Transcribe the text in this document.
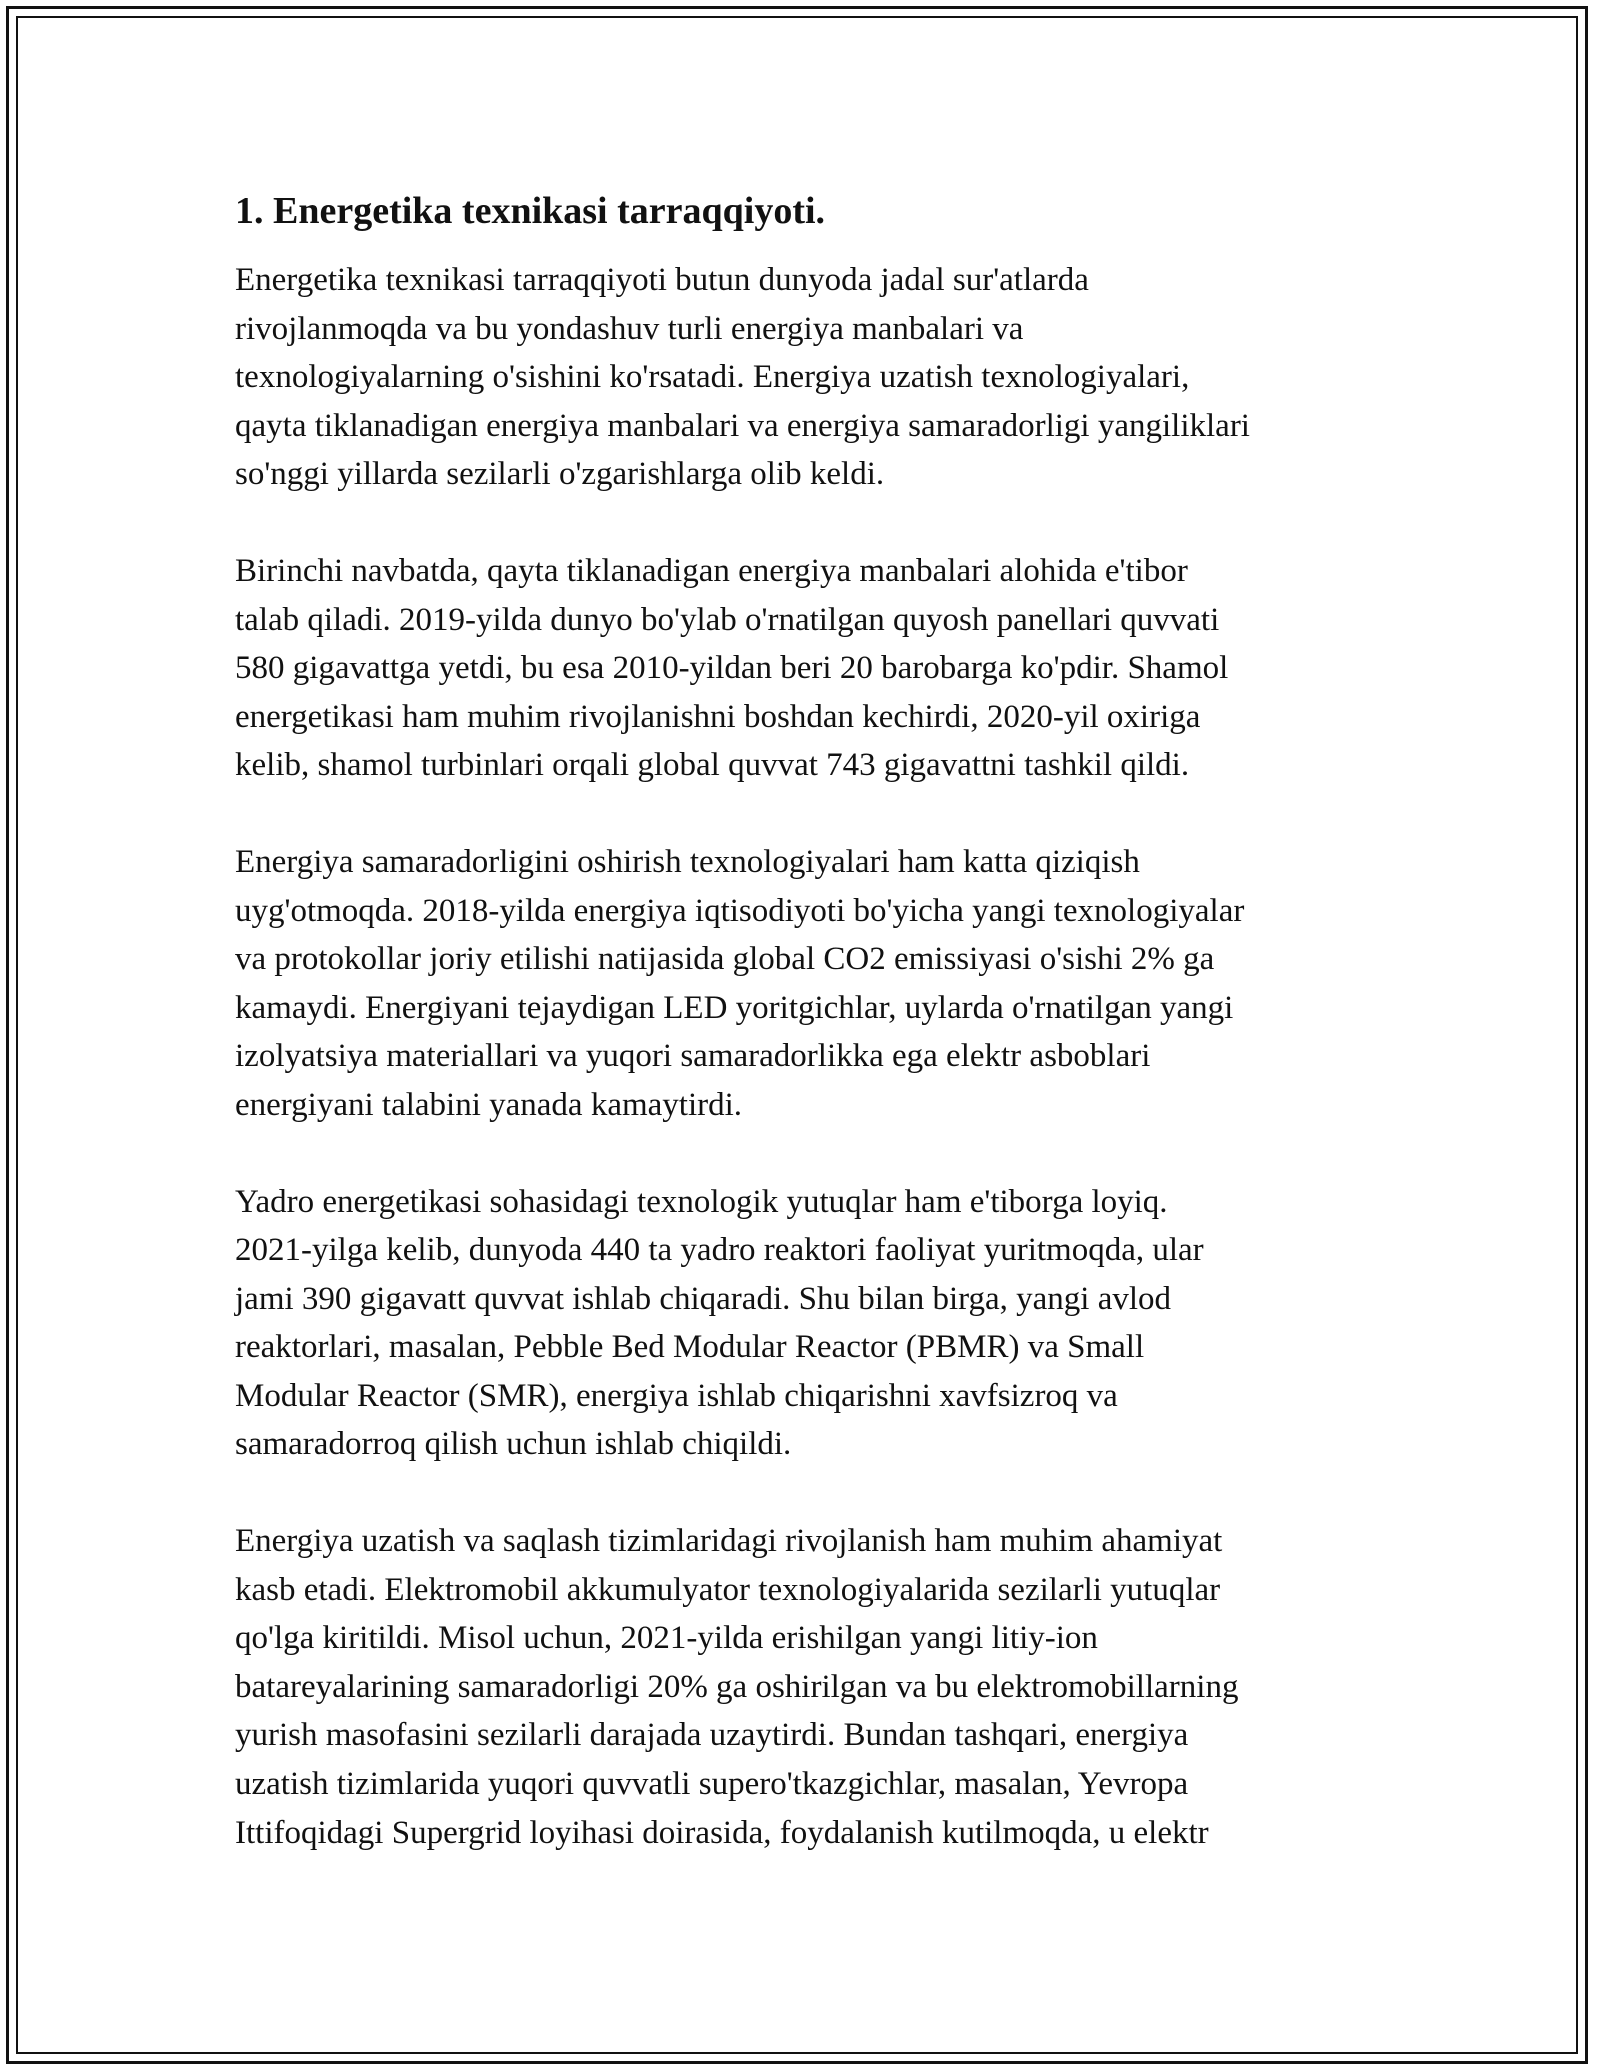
1. Energetika texnikasi tarraqqiyoti.

Energetika texnikasi tarraqqiyoti butun dunyoda jadal sur'atlarda
rivojlanmoqda va bu yondashuv turli energiya manbalari va
texnologiyalarning o'sishini ko'rsatadi. Energiya uzatish texnologiyalari,
qayta tiklanadigan energiya manbalari va energiya samaradorligi yangiliklari
so'nggi yillarda sezilarli o'zgarishlarga olib keldi.

Birinchi navbatda, qayta tiklanadigan energiya manbalari alohida e'tibor
talab qiladi. 2019-yilda dunyo bo'ylab o'rnatilgan quyosh panellari quvvati
580 gigavattga yetdi, bu esa 2010-yildan beri 20 barobarga ko'pdir. Shamol
energetikasi ham muhim rivojlanishni boshdan kechirdi, 2020-yil oxiriga
kelib, shamol turbinlari orqali global quvvat 743 gigavattni tashkil qildi.

Energiya samaradorligini oshirish texnologiyalari ham katta qiziqish
uyg'otmoqda. 2018-yilda energiya iqtisodiyoti bo'yicha yangi texnologiyalar
va protokollar joriy etilishi natijasida global CO2 emissiyasi o'sishi 2% ga
kamaydi. Energiyani tejaydigan LED yoritgichlar, uylarda o'rnatilgan yangi
izolyatsiya materiallari va yuqori samaradorlikka ega elektr asboblari
energiyani talabini yanada kamaytirdi.

Yadro energetikasi sohasidagi texnologik yutuqlar ham e'tiborga loyiq.
2021-yilga kelib, dunyoda 440 ta yadro reaktori faoliyat yuritmoqda, ular
jami 390 gigavatt quvvat ishlab chiqaradi. Shu bilan birga, yangi avlod
reaktorlari, masalan, Pebble Bed Modular Reactor (PBMR) va Small
Modular Reactor (SMR), energiya ishlab chiqarishni xavfsizroq va
samaradorroq qilish uchun ishlab chiqildi.

Energiya uzatish va saqlash tizimlaridagi rivojlanish ham muhim ahamiyat
kasb etadi. Elektromobil akkumulyator texnologiyalarida sezilarli yutuqlar
qo'lga kiritildi. Misol uchun, 2021-yilda erishilgan yangi litiy-ion
batareyalarining samaradorligi 20% ga oshirilgan va bu elektromobillarning
yurish masofasini sezilarli darajada uzaytirdi. Bundan tashqari, energiya
uzatish tizimlarida yuqori quvvatli supero'tkazgichlar, masalan, Yevropa
Ittifoqidagi Supergrid loyihasi doirasida, foydalanish kutilmoqda, u elektr
